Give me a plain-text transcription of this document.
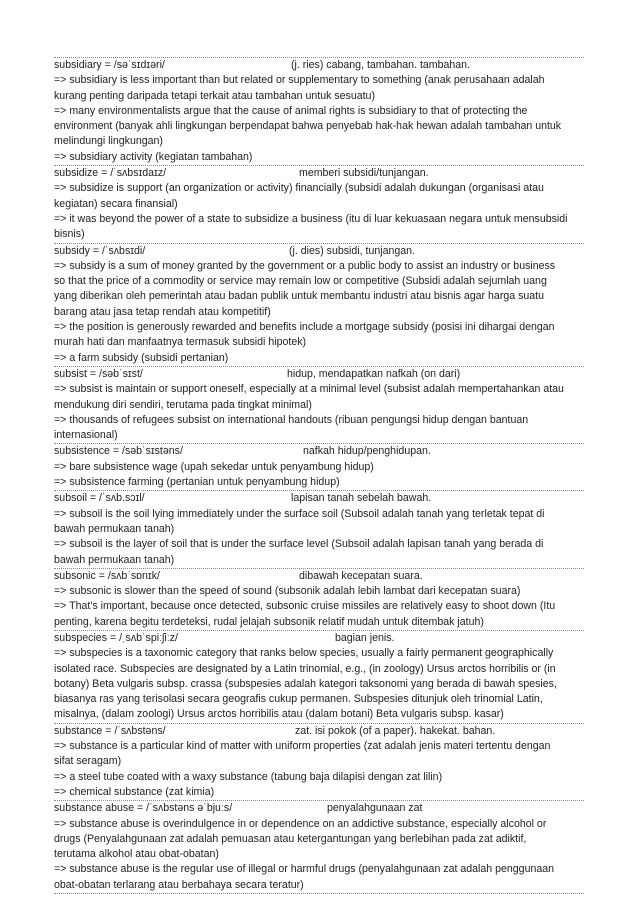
subsidiary = /səˈsɪdɪəri/	(j. ries) cabang, tambahan. tambahan.
=> subsidiary is less important than but related or supplementary to something (anak perusahaan adalah
kurang penting daripada tetapi terkait atau tambahan untuk sesuatu)
=> many environmentalists argue that the cause of animal rights is subsidiary to that of protecting the
environment (banyak ahli lingkungan berpendapat bahwa penyebab hak-hak hewan adalah tambahan untuk
melindungi lingkungan)
=> subsidiary activity (kegiatan tambahan)
subsidize = /ˈsʌbsɪdaɪz/	memberi subsidi/tunjangan.
=> subsidize is support (an organization or activity) financially (subsidi adalah dukungan (organisasi atau
kegiatan) secara finansial)
=> it was beyond the power of a state to subsidize a business (itu di luar kekuasaan negara untuk mensubsidi
bisnis)
subsidy = /ˈsʌbsɪdi/	(j. dies) subsidi, tunjangan.
=> subsidy is a sum of money granted by the government or a public body to assist an industry or business
so that the price of a commodity or service may remain low or competitive (Subsidi adalah sejumlah uang
yang diberikan oleh pemerintah atau badan publik untuk membantu industri atau bisnis agar harga suatu
barang atau jasa tetap rendah atau kompetitif)
=> the position is generously rewarded and benefits include a mortgage subsidy (posisi ini dihargai dengan
murah hati dan manfaatnya termasuk subsidi hipotek)
=> a farm subsidy (subsidi pertanian)
subsist = /səbˈsɪst/	hidup, mendapatkan nafkah (on dari)
=> subsist is maintain or support oneself, especially at a minimal level (subsist adalah mempertahankan atau
mendukung diri sendiri, terutama pada tingkat minimal)
=> thousands of refugees subsist on international handouts (ribuan pengungsi hidup dengan bantuan
internasional)
subsistence = /səbˈsɪstəns/	nafkah hidup/penghidupan.
=> bare subsistence wage (upah sekedar untuk penyambung hidup)
=> subsistence farming (pertanian untuk penyambung hidup)
subsoil = /ˈsʌb.sɔɪl/	lapisan tanah sebelah bawah.
=> subsoil is the soil lying immediately under the surface soil (Subsoil adalah tanah yang terletak tepat di
bawah permukaan tanah)
=> subsoil is the layer of soil that is under the surface level (Subsoil adalah lapisan tanah yang berada di
bawah permukaan tanah)
subsonic = /sʌbˈsɒnɪk/	dibawah kecepatan suara.
=> subsonic is slower than the speed of sound (subsonik adalah lebih lambat dari kecepatan suara)
=> That's important, because once detected, subsonic cruise missiles are relatively easy to shoot down (Itu
penting, karena begitu terdeteksi, rudal jelajah subsonik relatif mudah untuk ditembak jatuh)
subspecies = /ˌsʌbˈspiːʃiːz/	bagian jenis.
=> subspecies is a taxonomic category that ranks below species, usually a fairly permanent geographically
isolated race. Subspecies are designated by a Latin trinomial, e.g., (in zoology) Ursus arctos horribilis or (in
botany) Beta vulgaris subsp. crassa (subspesies adalah kategori taksonomi yang berada di bawah spesies,
biasanya ras yang terisolasi secara geografis cukup permanen. Subspesies ditunjuk oleh trinomial Latin,
misalnya, (dalam zoologi) Ursus arctos horribilis atau (dalam botani) Beta vulgaris subsp. kasar)
substance = /ˈsʌbstəns/	zat. isi pokok (of a paper). hakekat. bahan.
=> substance is a particular kind of matter with uniform properties (zat adalah jenis materi tertentu dengan
sifat seragam)
=> a steel tube coated with a waxy substance (tabung baja dilapisi dengan zat lilin)
=> chemical substance (zat kimia)
substance abuse = /ˈsʌbstəns əˈbjuːs/	penyalahgunaan zat
=> substance abuse is overindulgence in or dependence on an addictive substance, especially alcohol or
drugs (Penyalahgunaan zat adalah pemuasan atau ketergantungan yang berlebihan pada zat adiktif,
terutama alkohol atau obat-obatan)
=> substance abuse is the regular use of illegal or harmful drugs (penyalahgunaan zat adalah penggunaan
obat-obatan terlarang atau berbahaya secara teratur)
